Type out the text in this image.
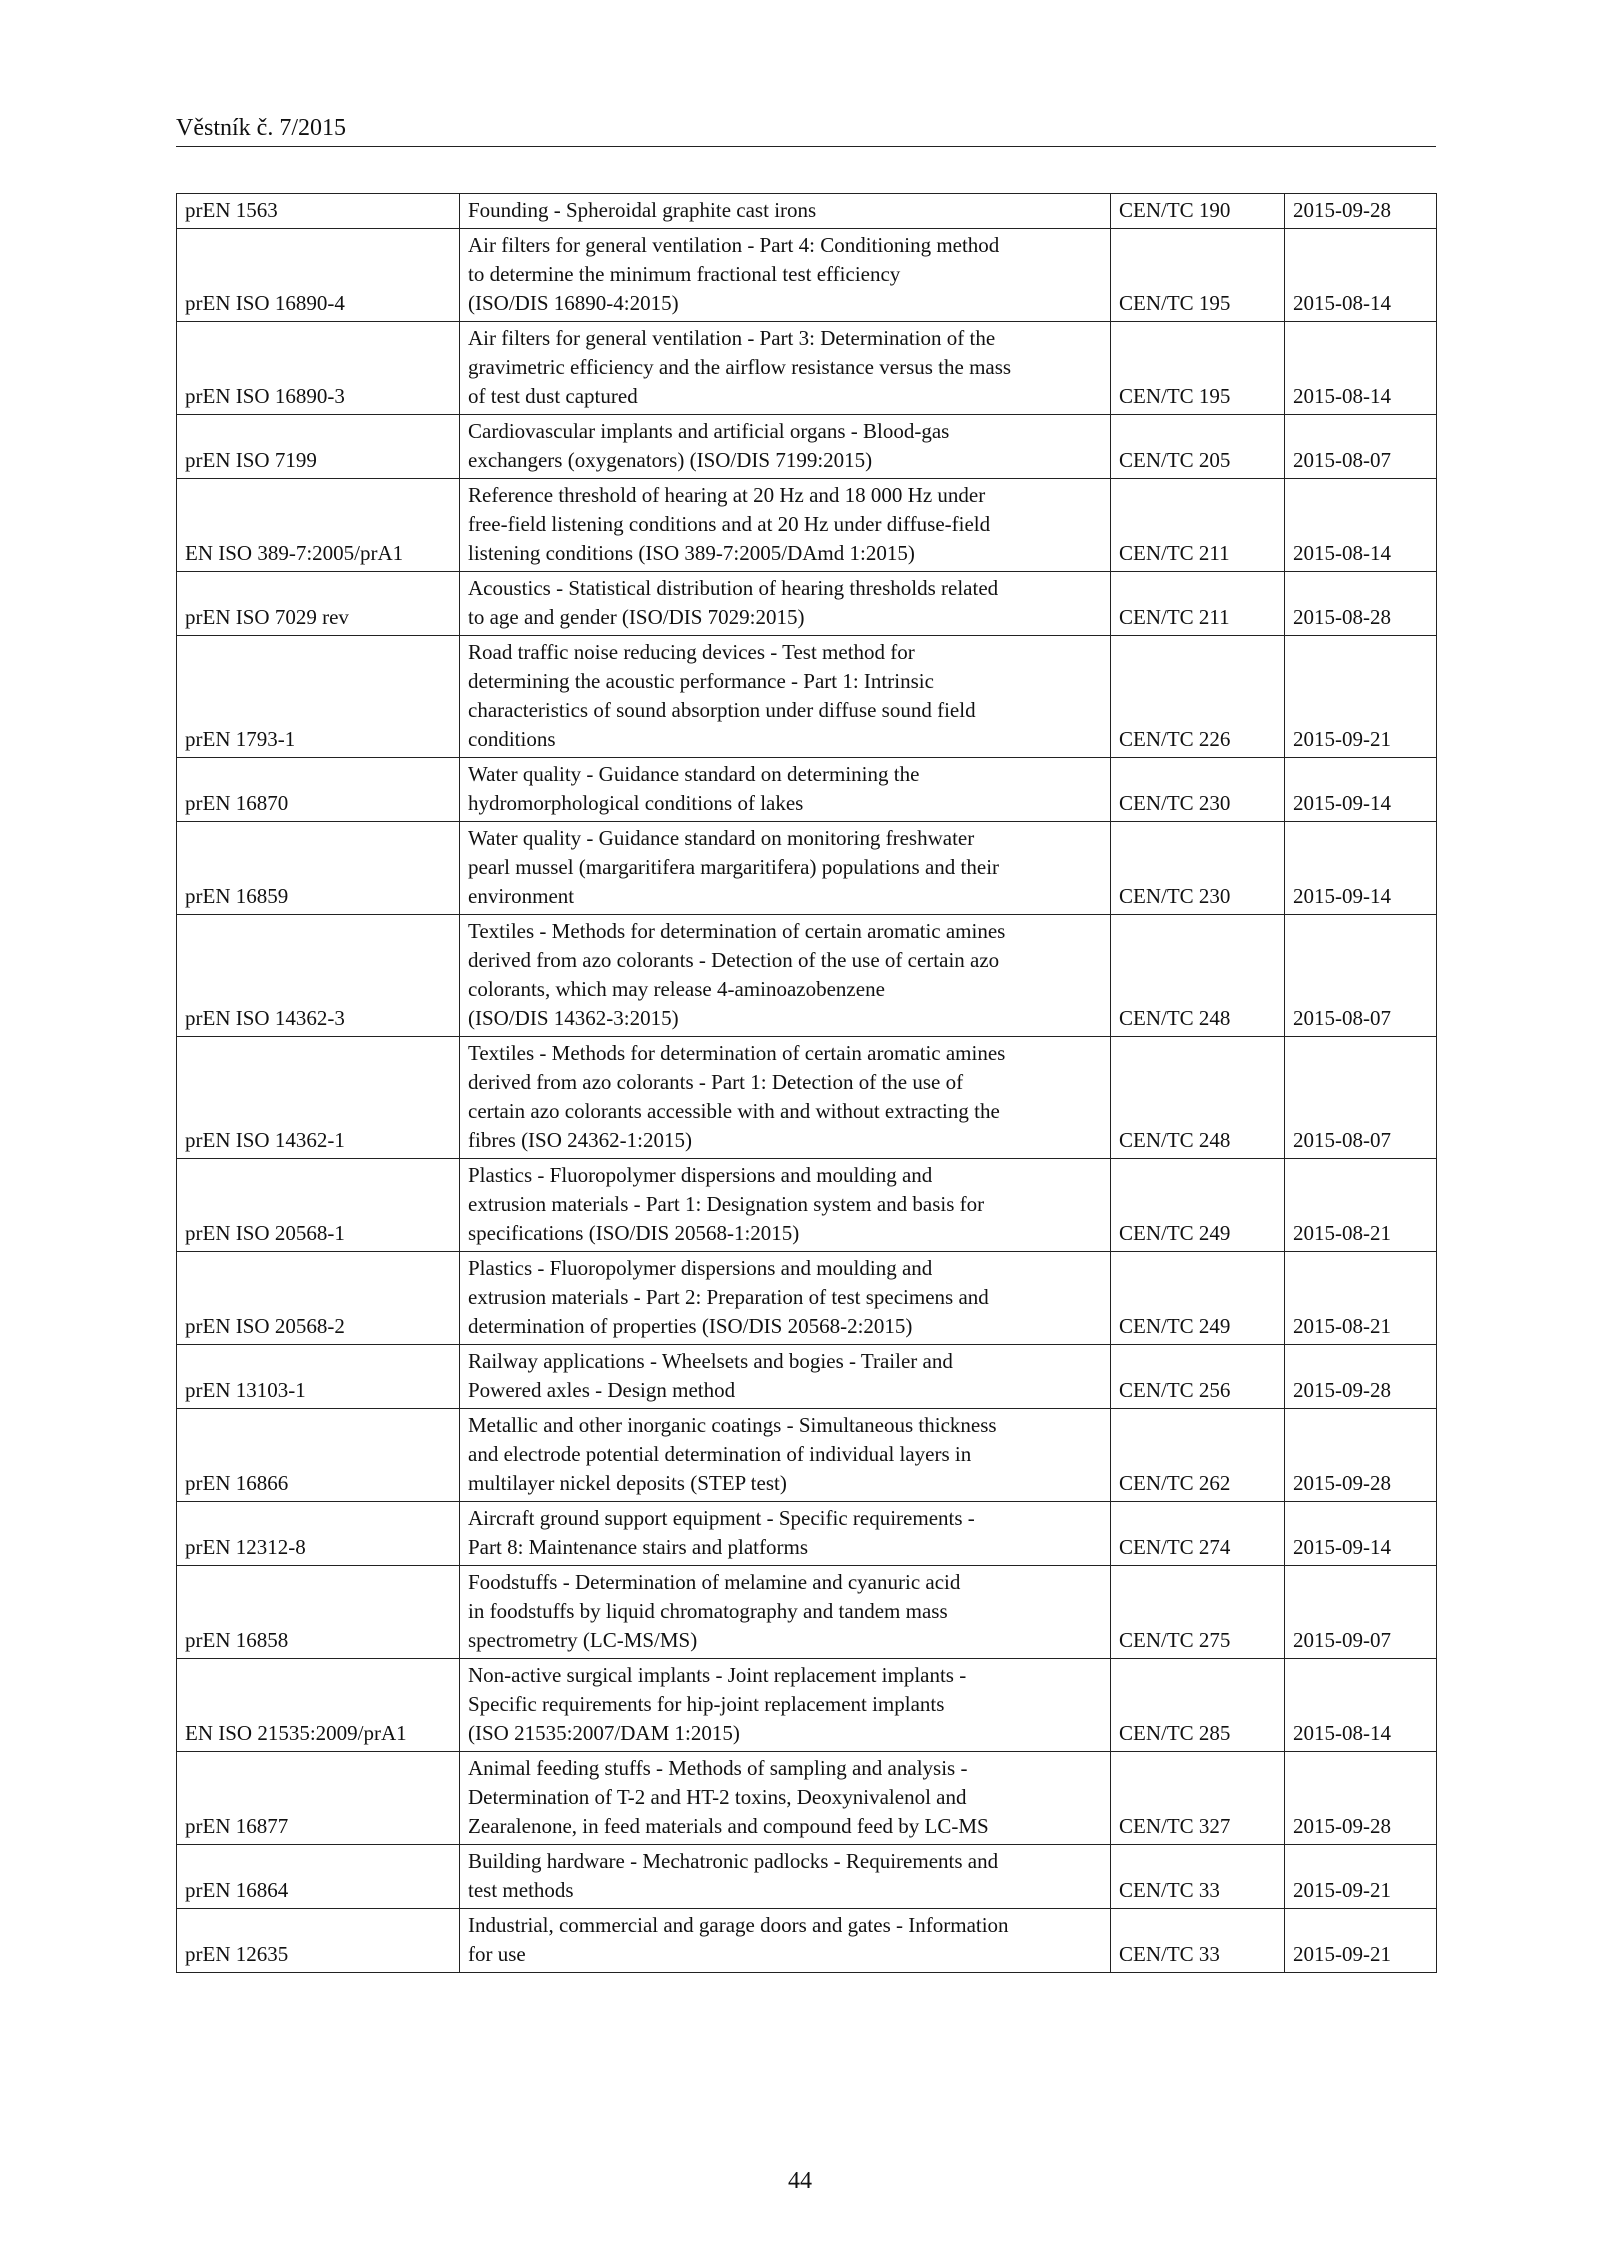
Věstník č. 7/2015
prEN 1563	Founding - Spheroidal graphite cast irons	CEN/TC 190	2015-09-28
prEN ISO 16890-4	Air filters for general ventilation - Part 4: Conditioning method
to determine the minimum fractional test efficiency
(ISO/DIS 16890-4:2015)	CEN/TC 195	2015-08-14
prEN ISO 16890-3	Air filters for general ventilation - Part 3: Determination of the
gravimetric efficiency and the airflow resistance versus the mass
of test dust captured	CEN/TC 195	2015-08-14
prEN ISO 7199	Cardiovascular implants and artificial organs - Blood-gas
exchangers (oxygenators) (ISO/DIS 7199:2015)	CEN/TC 205	2015-08-07
EN ISO 389-7:2005/prA1	Reference threshold of hearing at 20 Hz and 18 000 Hz under
free-field listening conditions and at 20 Hz under diffuse-field
listening conditions (ISO 389-7:2005/DAmd 1:2015)	CEN/TC 211	2015-08-14
prEN ISO 7029 rev	Acoustics - Statistical distribution of hearing thresholds related
to age and gender (ISO/DIS 7029:2015)	CEN/TC 211	2015-08-28
prEN 1793-1	Road traffic noise reducing devices - Test method for
determining the acoustic performance - Part 1: Intrinsic
characteristics of sound absorption under diffuse sound field
conditions	CEN/TC 226	2015-09-21
prEN 16870	Water quality - Guidance standard on determining the
hydromorphological conditions of lakes	CEN/TC 230	2015-09-14
prEN 16859	Water quality - Guidance standard on monitoring freshwater
pearl mussel (margaritifera margaritifera) populations and their
environment	CEN/TC 230	2015-09-14
prEN ISO 14362-3	Textiles - Methods for determination of certain aromatic amines
derived from azo colorants - Detection of the use of certain azo
colorants, which may release 4-aminoazobenzene
(ISO/DIS 14362-3:2015)	CEN/TC 248	2015-08-07
prEN ISO 14362-1	Textiles - Methods for determination of certain aromatic amines
derived from azo colorants - Part 1: Detection of the use of
certain azo colorants accessible with and without extracting the
fibres (ISO 24362-1:2015)	CEN/TC 248	2015-08-07
prEN ISO 20568-1	Plastics - Fluoropolymer dispersions and moulding and
extrusion materials - Part 1: Designation system and basis for
specifications (ISO/DIS 20568-1:2015)	CEN/TC 249	2015-08-21
prEN ISO 20568-2	Plastics - Fluoropolymer dispersions and moulding and
extrusion materials - Part 2: Preparation of test specimens and
determination of properties (ISO/DIS 20568-2:2015)	CEN/TC 249	2015-08-21
prEN 13103-1	Railway applications - Wheelsets and bogies - Trailer and
Powered axles - Design method	CEN/TC 256	2015-09-28
prEN 16866	Metallic and other inorganic coatings - Simultaneous thickness
and electrode potential determination of individual layers in
multilayer nickel deposits (STEP test)	CEN/TC 262	2015-09-28
prEN 12312-8	Aircraft ground support equipment - Specific requirements -
Part 8: Maintenance stairs and platforms	CEN/TC 274	2015-09-14
prEN 16858	Foodstuffs - Determination of melamine and cyanuric acid
in foodstuffs by liquid chromatography and tandem mass
spectrometry (LC-MS/MS)	CEN/TC 275	2015-09-07
EN ISO 21535:2009/prA1	Non-active surgical implants - Joint replacement implants -
Specific requirements for hip-joint replacement implants
(ISO 21535:2007/DAM 1:2015)	CEN/TC 285	2015-08-14
prEN 16877	Animal feeding stuffs - Methods of sampling and analysis -
Determination of T-2 and HT-2 toxins, Deoxynivalenol and
Zearalenone, in feed materials and compound feed by LC-MS	CEN/TC 327	2015-09-28
prEN 16864	Building hardware - Mechatronic padlocks - Requirements and
test methods	CEN/TC 33	2015-09-21
prEN 12635	Industrial, commercial and garage doors and gates - Information
for use	CEN/TC 33	2015-09-21
44
